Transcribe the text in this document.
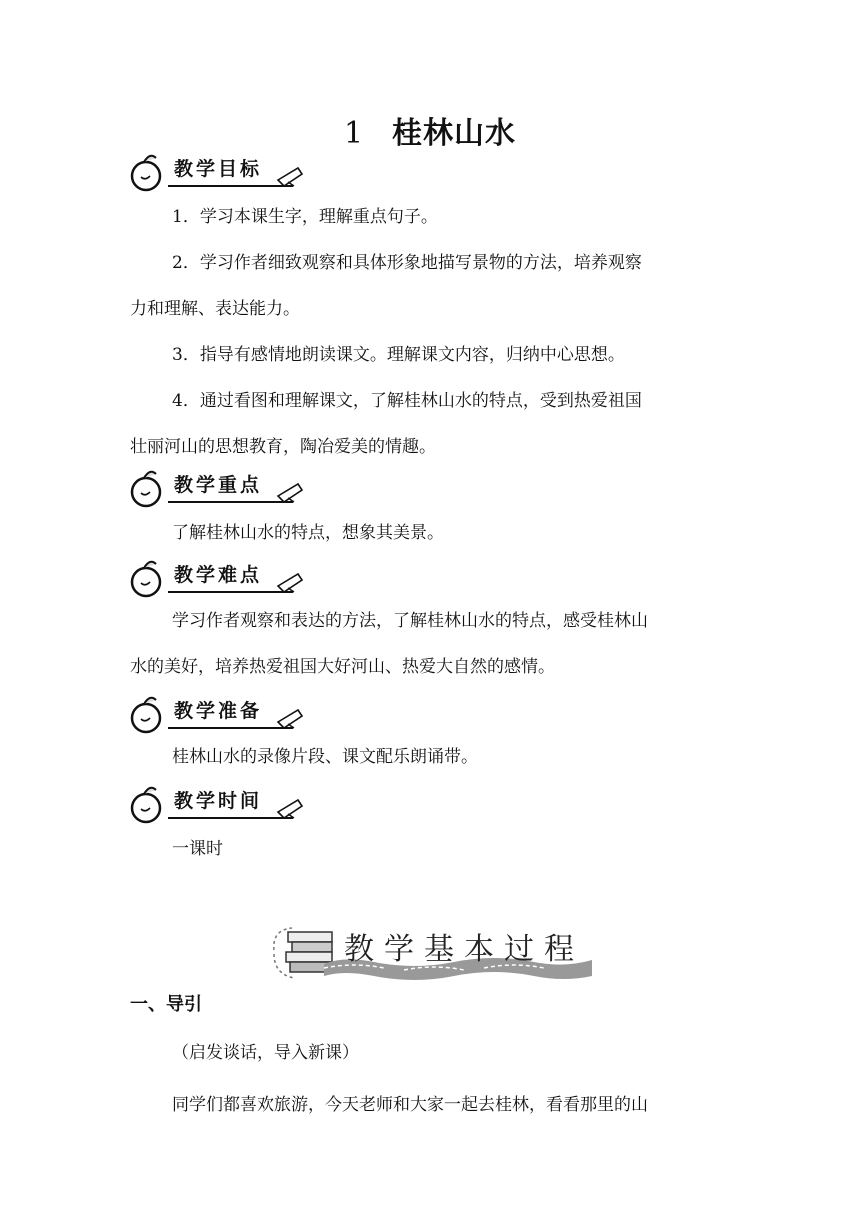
1 桂林山水
教学目标
1．学习本课生字，理解重点句子。
2．学习作者细致观察和具体形象地描写景物的方法，培养观察
力和理解、表达能力。
3．指导有感情地朗读课文。理解课文内容，归纳中心思想。
4．通过看图和理解课文，了解桂林山水的特点，受到热爱祖国
壮丽河山的思想教育，陶冶爱美的情趣。
教学重点
了解桂林山水的特点，想象其美景。
教学难点
学习作者观察和表达的方法，了解桂林山水的特点，感受桂林山
水的美好，培养热爱祖国大好河山、热爱大自然的感情。
教学准备
桂林山水的录像片段、课文配乐朗诵带。
教学时间
一课时
教学基本过程
一、导引
（启发谈话，导入新课）
同学们都喜欢旅游，今天老师和大家一起去桂林，看看那里的山
